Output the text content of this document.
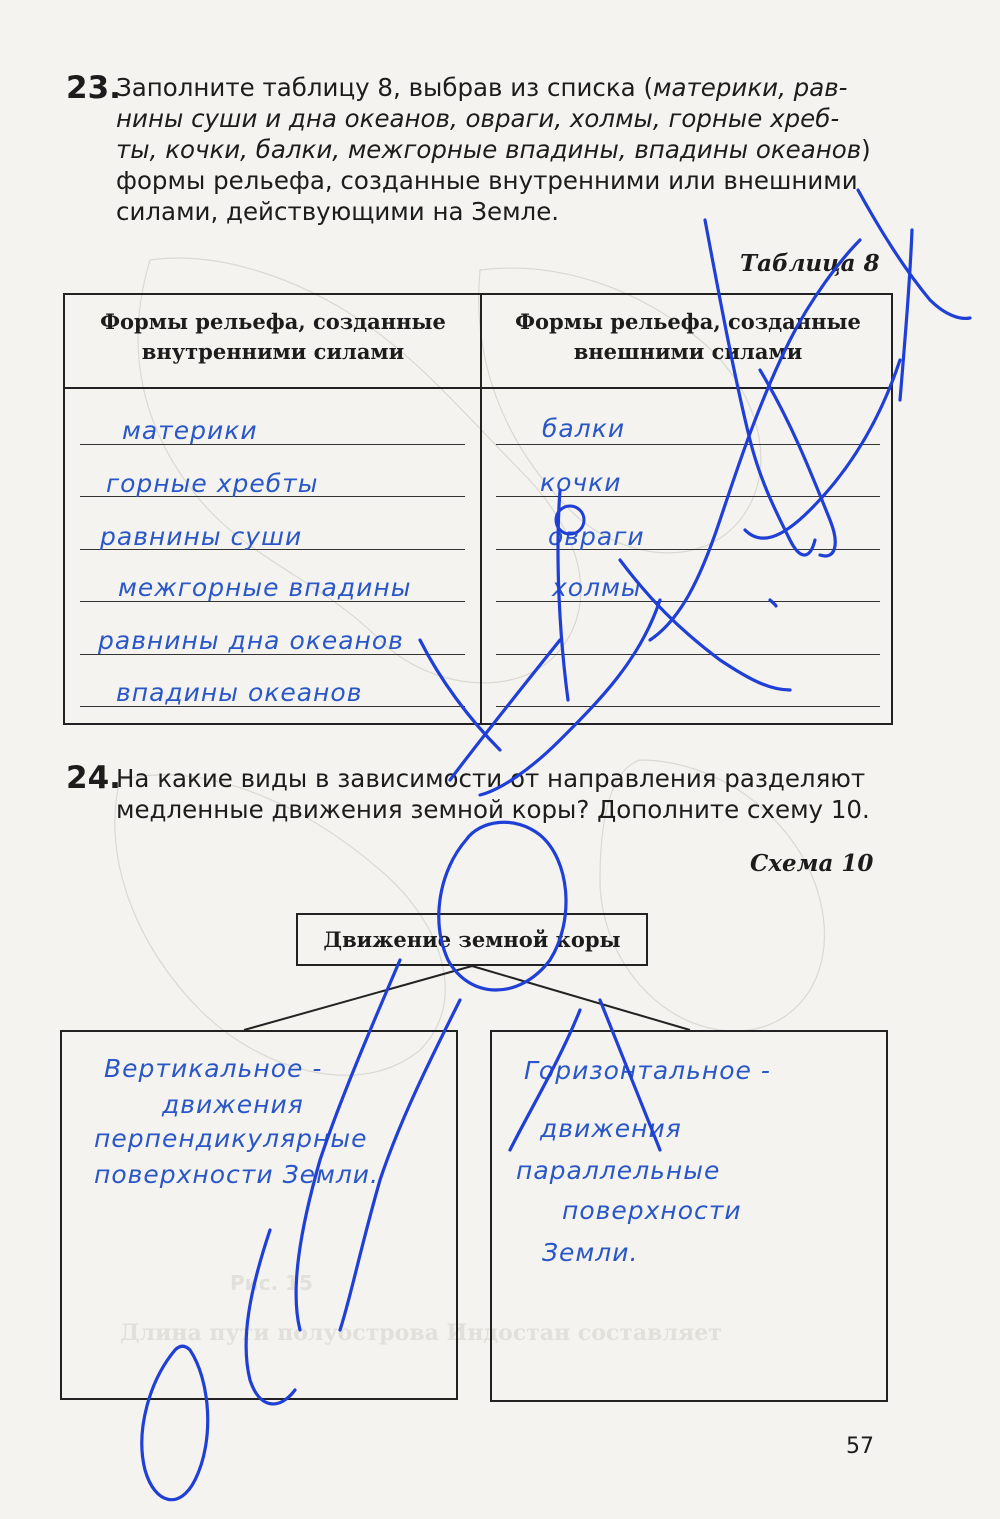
Рис. 15
Длина пути полуострова Индостан составляет
23.

Заполните таблицу 8, выбрав из списка (материки, рав-

нины суши и дна океанов, овраги, холмы, горные хреб-

ты, кочки, балки, межгорные впадины, впадины океанов)

формы рельефа, созданные внутренними или внешними

силами, действующими на Земле.

Таблица 8
Формы рельефа, созданные
внутренними силами
Формы рельефа, созданные
внешними силами
материки
горные хребты
равнины суши
межгорные впадины
равнины дна океанов
впадины океанов
балки
кочки
овраги
холмы
24.

На какие виды в зависимости от направления разделяют

медленные движения земной коры? Дополните схему 10.

Схема 10
Движение земной коры
Вертикальное -
движения
перпендикулярные
поверхности Земли.
Горизонтальное -
движения
параллельные
поверхности
Земли.
57
